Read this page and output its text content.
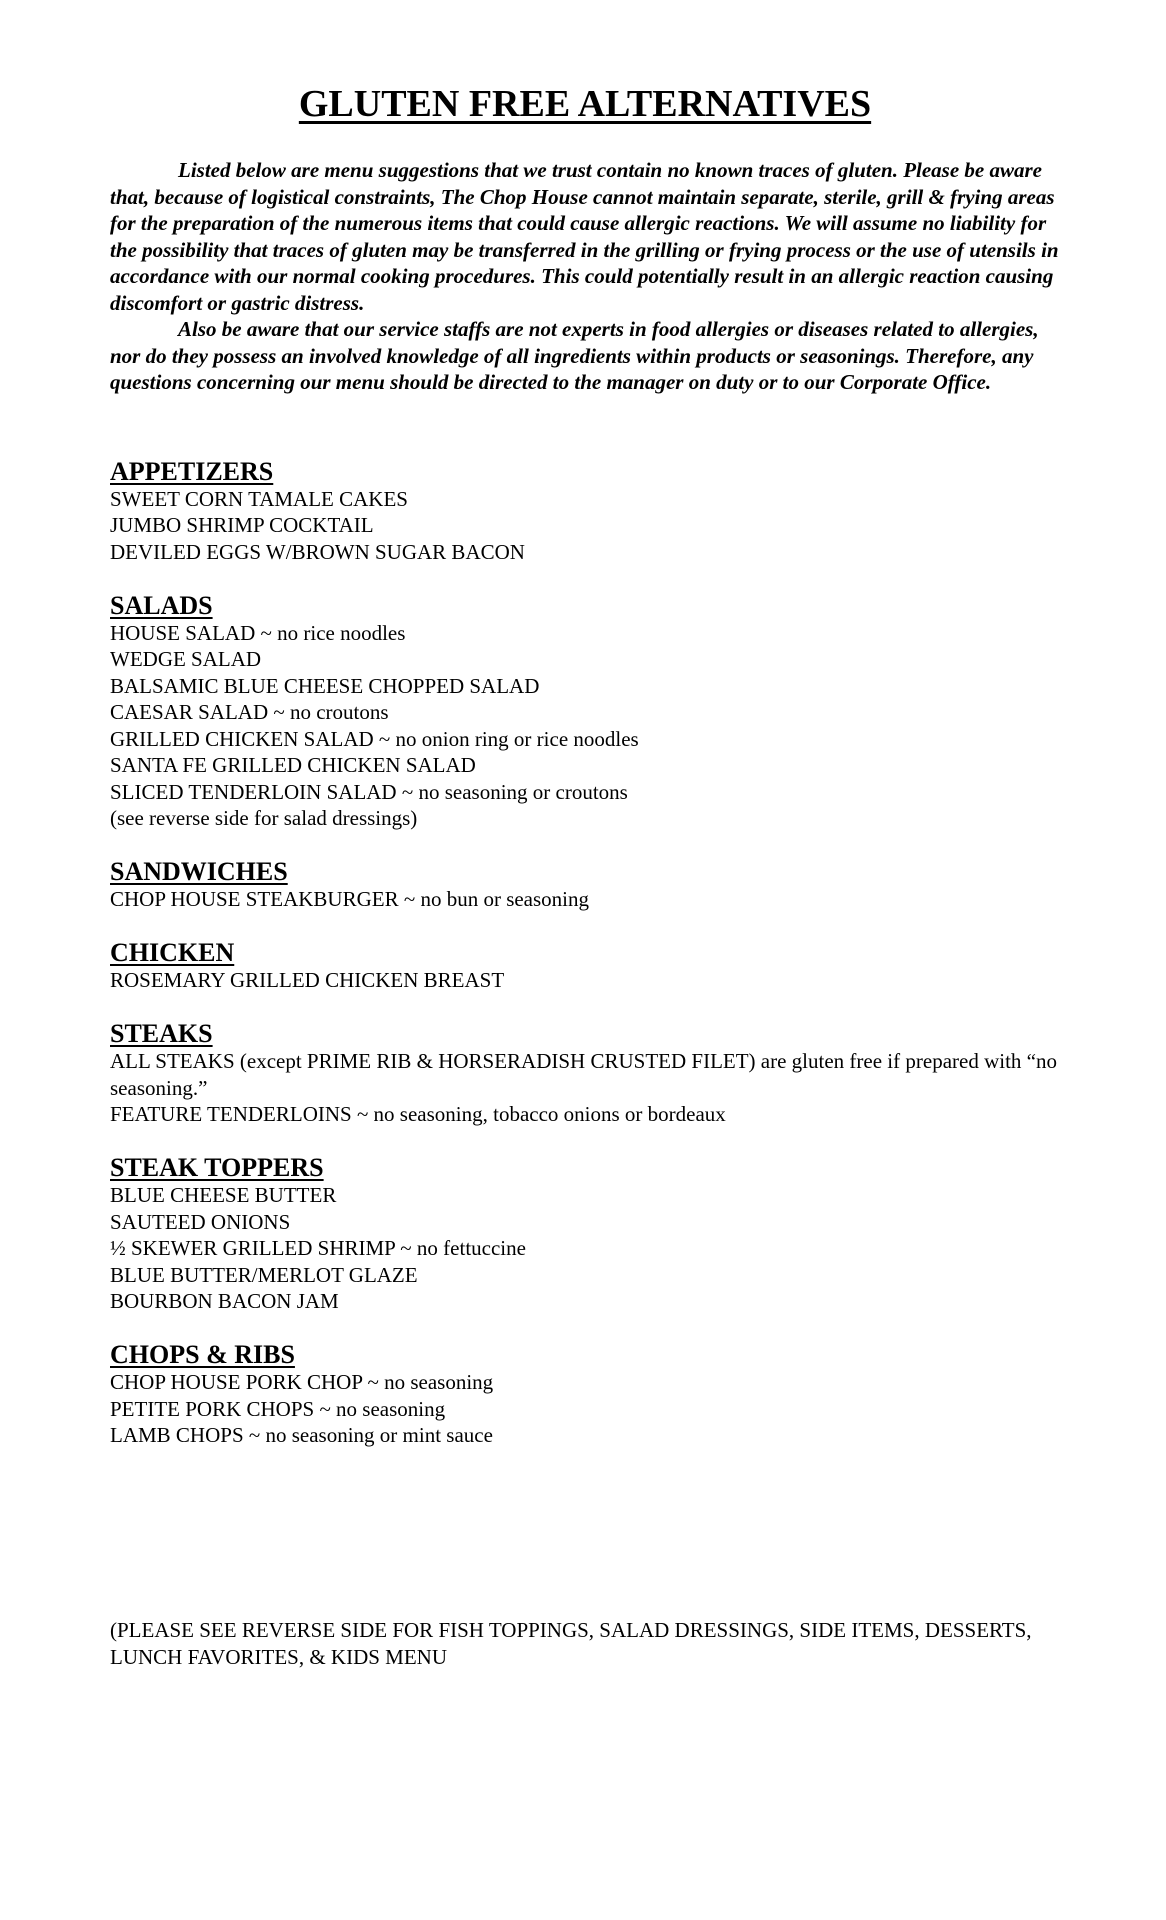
GLUTEN FREE ALTERNATIVES

Listed below are menu suggestions that we trust contain no known traces of gluten. Please be aware that, because of logistical constraints, The Chop House cannot maintain separate, sterile, grill & frying areas for the preparation of the numerous items that could cause allergic reactions. We will assume no liability for the possibility that traces of gluten may be transferred in the grilling or frying process or the use of utensils in accordance with our normal cooking procedures. This could potentially result in an allergic reaction causing discomfort or gastric distress.

Also be aware that our service staffs are not experts in food allergies or diseases related to allergies, nor do they possess an involved knowledge of all ingredients within products or seasonings. Therefore, any questions concerning our menu should be directed to the manager on duty or to our Corporate Office.

APPETIZERS
SWEET CORN TAMALE CAKES
JUMBO SHRIMP COCKTAIL
DEVILED EGGS W/BROWN SUGAR BACON
SALADS
HOUSE SALAD ~ no rice noodles
WEDGE SALAD
BALSAMIC BLUE CHEESE CHOPPED SALAD
CAESAR SALAD ~ no croutons
GRILLED CHICKEN SALAD ~ no onion ring or rice noodles
SANTA FE GRILLED CHICKEN SALAD
SLICED TENDERLOIN SALAD ~ no seasoning or croutons
(see reverse side for salad dressings)
SANDWICHES
CHOP HOUSE STEAKBURGER ~ no bun or seasoning
CHICKEN
ROSEMARY GRILLED CHICKEN BREAST
STEAKS
ALL STEAKS (except PRIME RIB & HORSERADISH CRUSTED FILET) are gluten free if prepared with “no seasoning.”
FEATURE TENDERLOINS ~ no seasoning, tobacco onions or bordeaux
STEAK TOPPERS
BLUE CHEESE BUTTER
SAUTEED ONIONS
½ SKEWER GRILLED SHRIMP ~ no fettuccine
BLUE BUTTER/MERLOT GLAZE
BOURBON BACON JAM
CHOPS & RIBS
CHOP HOUSE PORK CHOP ~ no seasoning
PETITE PORK CHOPS ~ no seasoning
LAMB CHOPS ~ no seasoning or mint sauce
(PLEASE SEE REVERSE SIDE FOR FISH TOPPINGS, SALAD DRESSINGS, SIDE ITEMS, DESSERTS, LUNCH FAVORITES, & KIDS MENU
